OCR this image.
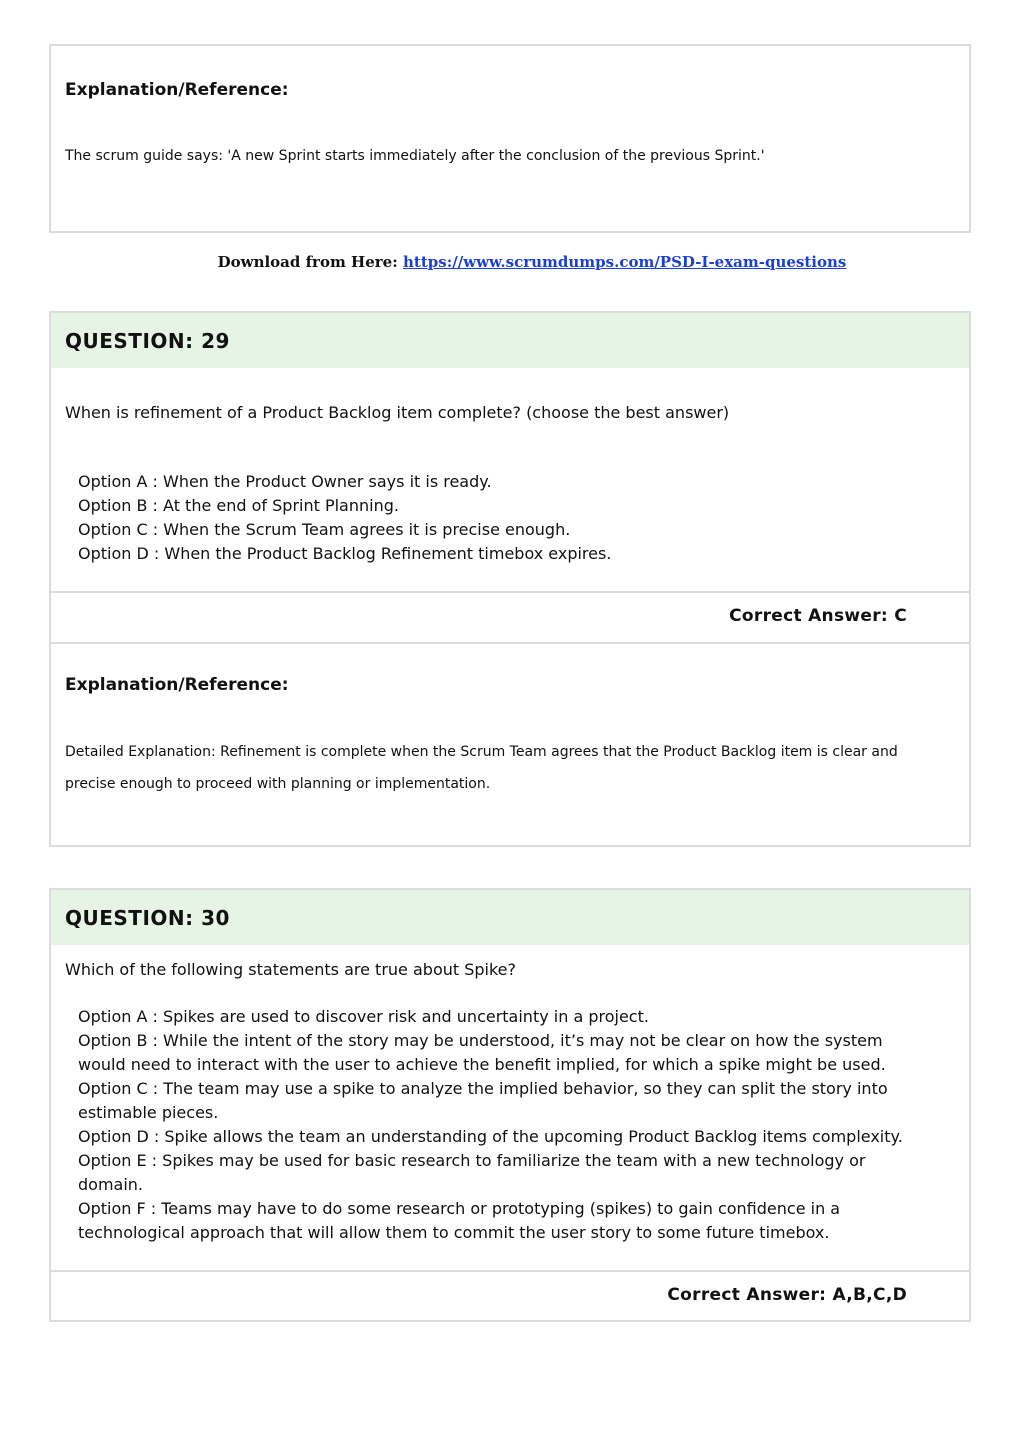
Explanation/Reference:
The scrum guide says: 'A new Sprint starts immediately after the conclusion of the previous Sprint.'
Download from Here: https://www.scrumdumps.com/PSD-I-exam-questions
QUESTION: 29
When is refinement of a Product Backlog item complete? (choose the best answer)
Option A : When the Product Owner says it is ready.
Option B : At the end of Sprint Planning.
Option C : When the Scrum Team agrees it is precise enough.
Option D : When the Product Backlog Refinement timebox expires.
Correct Answer: C
Explanation/Reference:
Detailed Explanation: Refinement is complete when the Scrum Team agrees that the Product Backlog item is clear and precise enough to proceed with planning or implementation.
QUESTION: 30
Which of the following statements are true about Spike?
Option A : Spikes are used to discover risk and uncertainty in a project.
Option B : While the intent of the story may be understood, it’s may not be clear on how the system would need to interact with the user to achieve the benefit implied, for which a spike might be used.
Option C : The team may use a spike to analyze the implied behavior, so they can split the story into estimable pieces.
Option D : Spike allows the team an understanding of the upcoming Product Backlog items complexity.
Option E : Spikes may be used for basic research to familiarize the team with a new technology or domain.
Option F : Teams may have to do some research or prototyping (spikes) to gain confidence in a technological approach that will allow them to commit the user story to some future timebox.
Correct Answer: A,B,C,D
